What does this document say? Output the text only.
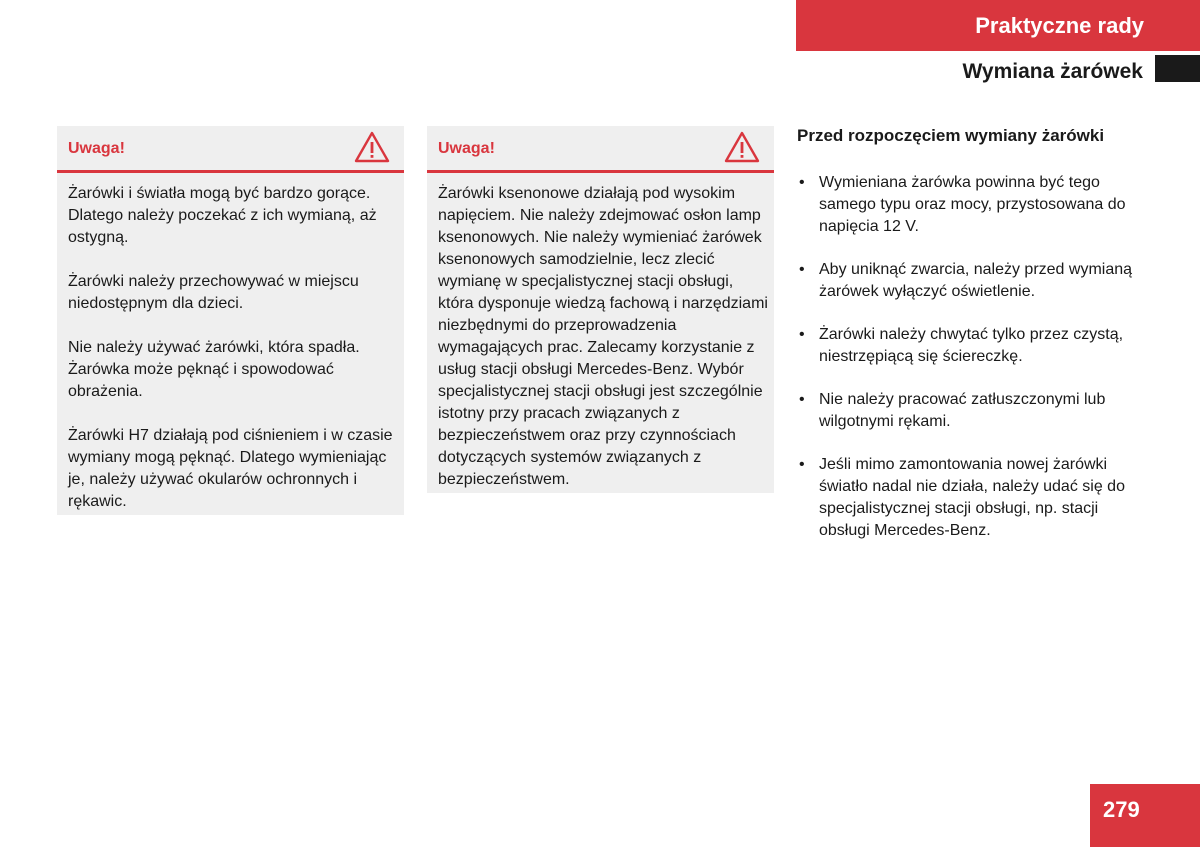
Praktyczne rady
Wymiana żarówek
Uwaga!

Żarówki i światła mogą być bardzo gorące. Dlatego należy poczekać z ich wymianą, aż ostygną.

Żarówki należy przechowywać w miejscu niedostępnym dla dzieci.

Nie należy używać żarówki, która spadła. Żarówka może pęknąć i spowodować obrażenia.

Żarówki H7 działają pod ciśnieniem i w czasie wymiany mogą pęknąć. Dlatego wymieniając je, należy używać okularów ochronnych i rękawic.

Uwaga!

Żarówki ksenonowe działają pod wysokim napięciem. Nie należy zdejmować osłon lamp ksenonowych. Nie należy wymieniać żarówek ksenonowych samodzielnie, lecz zlecić wymianę w specjalistycznej stacji obsługi, która dysponuje wiedzą fachową i narzędziami niezbędnymi do przeprowadzenia wymagających prac. Zalecamy korzystanie z usług stacji obsługi Mercedes-Benz. Wybór specjalistycznej stacji obsługi jest szczególnie istotny przy pracach związanych z bezpieczeństwem oraz przy czynnościach dotyczących systemów związanych z bezpieczeństwem.

Przed rozpoczęciem wymiany żarówki
• Wymieniana żarówka powinna być tego samego typu oraz mocy, przystosowana do napięcia 12 V.
• Aby uniknąć zwarcia, należy przed wymianą żarówek wyłączyć oświetlenie.
• Żarówki należy chwytać tylko przez czystą, niestrzępiącą się ściereczkę.
• Nie należy pracować zatłuszczonymi lub wilgotnymi rękami.
• Jeśli mimo zamontowania nowej żarówki światło nadal nie działa, należy udać się do specjalistycznej stacji obsługi, np. stacji obsługi Mercedes-Benz.
279
